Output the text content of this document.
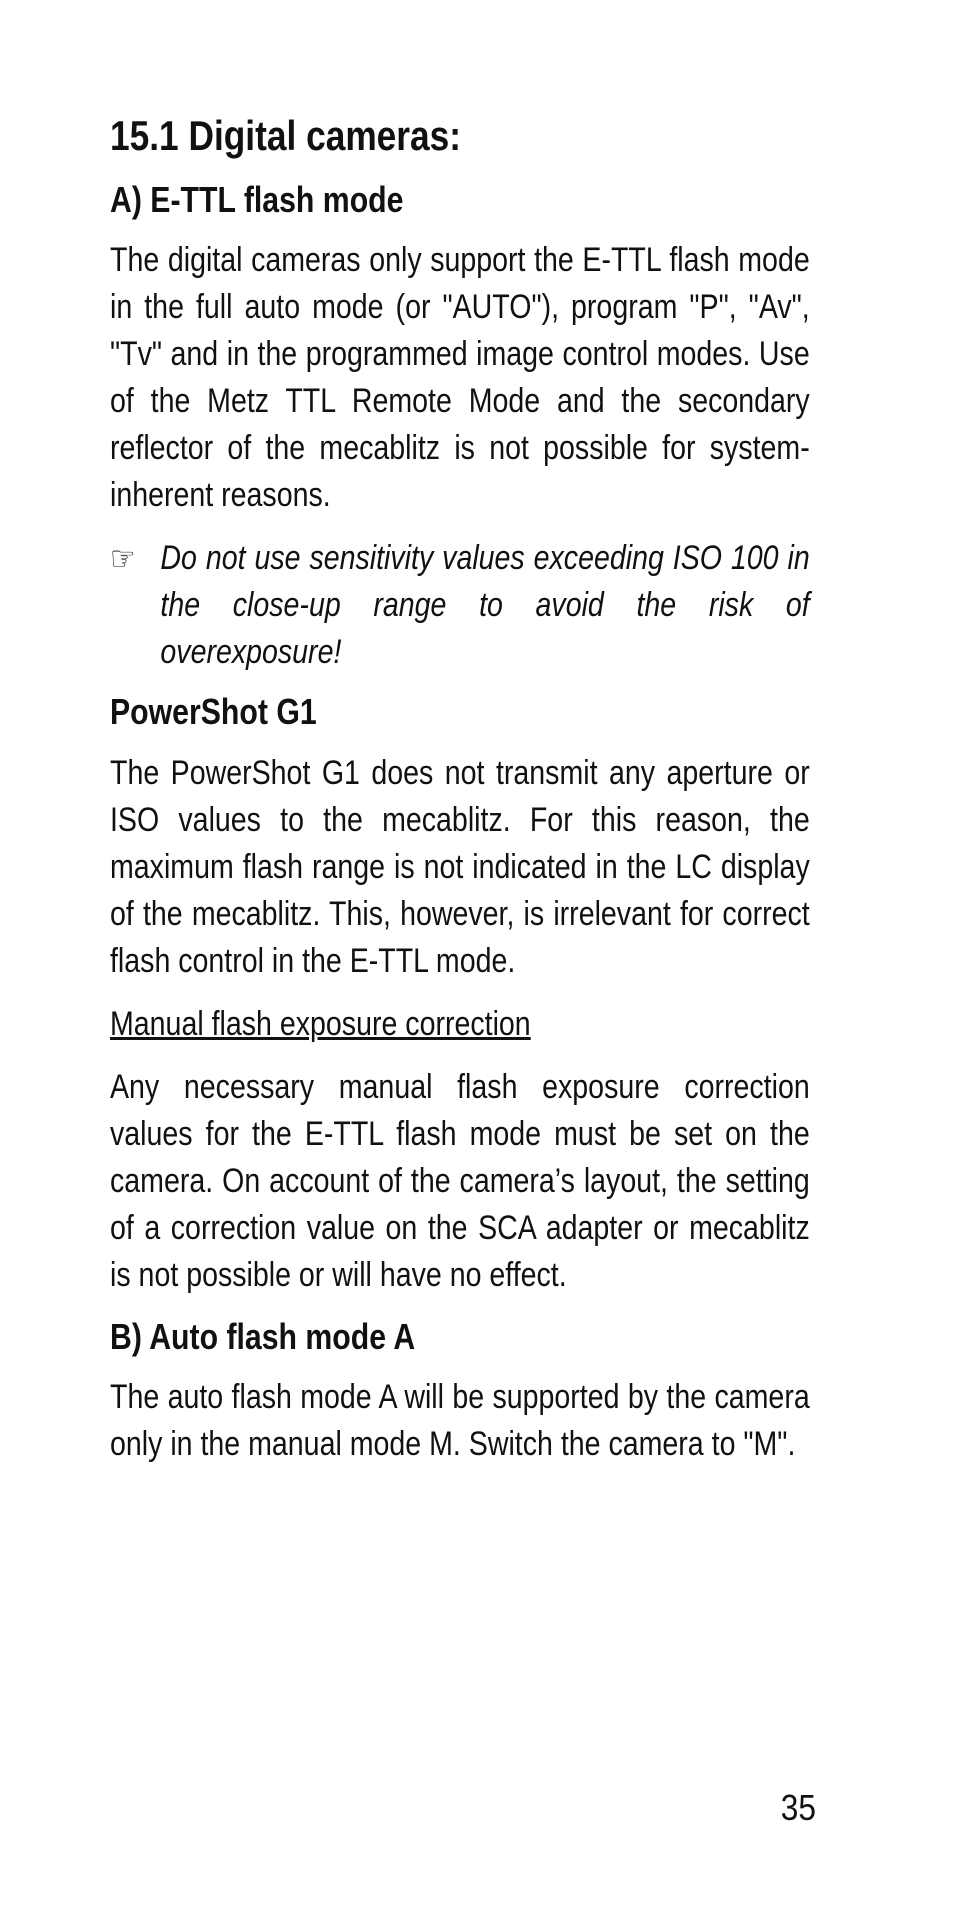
15.1 Digital cameras:
A) E-TTL flash mode

The digital cameras only support the E-TTL flash mode in the full auto mode (or "AUTO"), program "P", "Av", "Tv" and in the programmed image control modes. Use of the Metz TTL Remote Mode and the secondary reflector of the mecablitz is not possible for system-inherent reasons.

☞ Do not use sensitivity values exceeding ISO 100 in the close-up range to avoid the risk of overexposure!

PowerShot G1

The PowerShot G1 does not transmit any aperture or ISO values to the mecablitz. For this reason, the maximum flash range is not indicated in the LC display of the mecablitz. This, however, is irrelevant for correct flash control in the E-TTL mode.

Manual flash exposure correction

Any necessary manual flash exposure correction values for the E-TTL flash mode must be set on the camera. On account of the camera’s layout, the setting of a correction value on the SCA adapter or mecablitz is not possible or will have no effect.

B) Auto flash mode A

The auto flash mode A will be supported by the camera only in the manual mode M. Switch the camera to "M".

35
